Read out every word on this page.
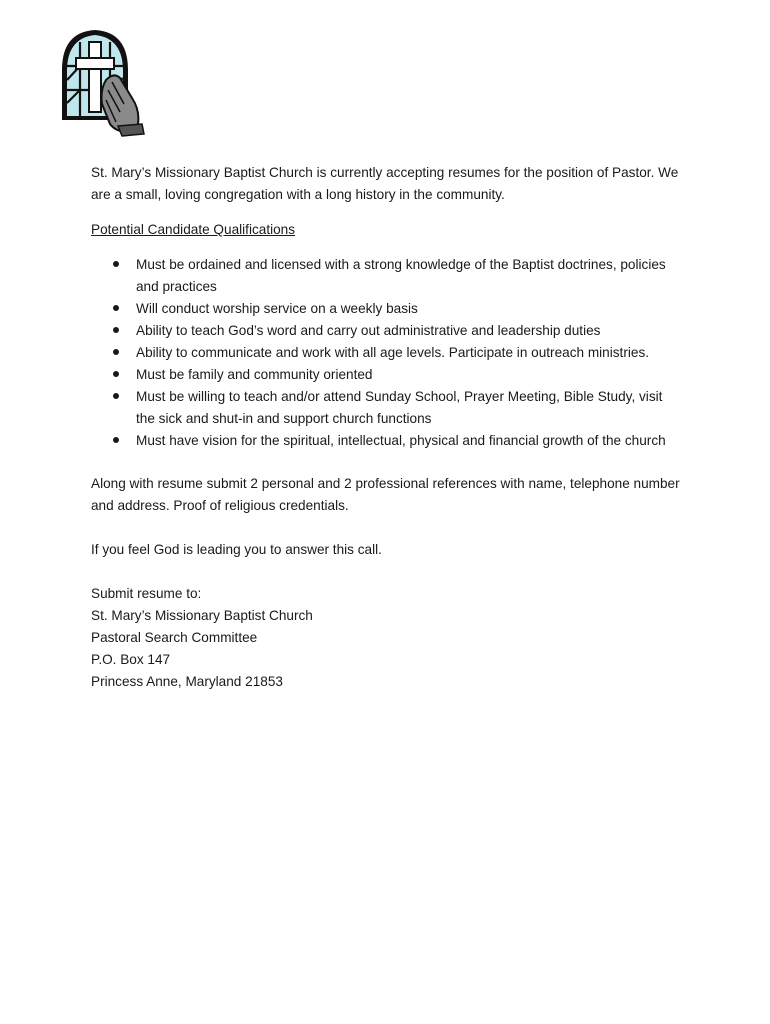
St. Mary’s Missionary Baptist Church is currently accepting resumes for the position of Pastor. We are a small, loving congregation with a long history in the community.

Potential Candidate Qualifications

Must be ordained and licensed with a strong knowledge of the Baptist doctrines, policies and practices
Will conduct worship service on a weekly basis
Ability to teach God’s word and carry out administrative and leadership duties
Ability to communicate and work with all age levels. Participate in outreach ministries.
Must be family and community oriented
Must be willing to teach and/or attend Sunday School, Prayer Meeting, Bible Study, visit the sick and shut-in and support church functions
Must have vision for the spiritual, intellectual, physical and financial growth of the church

Along with resume submit 2 personal and 2 professional references with name, telephone number and address. Proof of religious credentials.

If you feel God is leading you to answer this call.

Submit resume to:
St. Mary’s Missionary Baptist Church
Pastoral Search Committee
P.O. Box 147
Princess Anne, Maryland 21853
